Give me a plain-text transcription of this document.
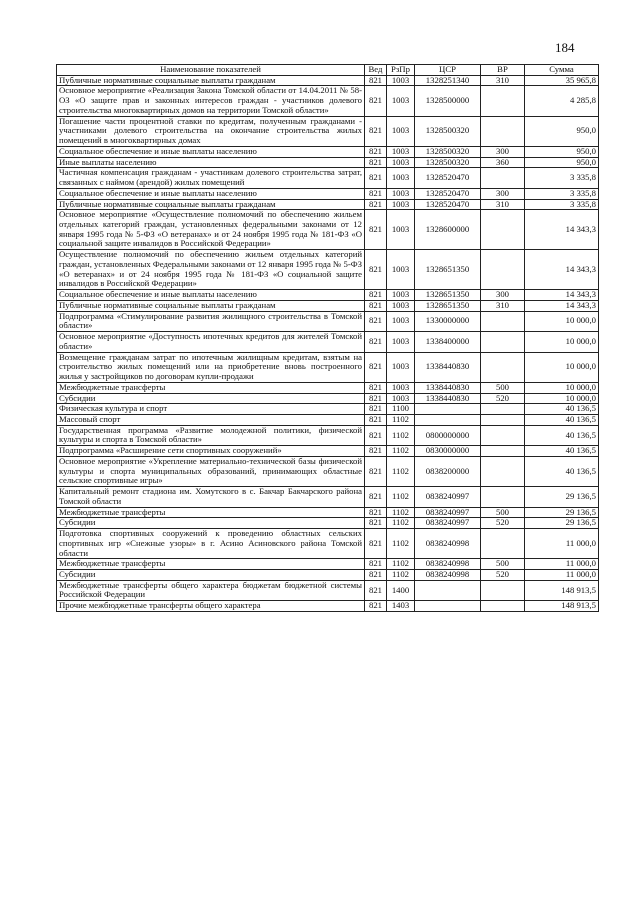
184
Наименование показателей	Вед	РзПр	ЦСР	ВР	Сумма
Публичные нормативные социальные выплаты гражданам	821	1003	1328251340	310	35 965,8
Основное мероприятие «Реализация Закона Томской области от 14.04.2011 № 58-ОЗ «О защите прав и законных интересов граждан - участников долевого строительства многоквартирных домов на территории Томской области»	821	1003	1328500000		4 285,8
Погашение части процентной ставки по кредитам, полученным гражданами - участниками долевого строительства на окончание строительства жилых помещений в многоквартирных домах	821	1003	1328500320		950,0
Социальное обеспечение и иные выплаты населению	821	1003	1328500320	300	950,0
Иные выплаты населению	821	1003	1328500320	360	950,0
Частичная компенсация гражданам - участникам долевого строительства затрат, связанных с наймом (арендой) жилых помещений	821	1003	1328520470		3 335,8
Социальное обеспечение и иные выплаты населению	821	1003	1328520470	300	3 335,8
Публичные нормативные социальные выплаты гражданам	821	1003	1328520470	310	3 335,8
Основное мероприятие «Осуществление полномочий по обеспечению жильем отдельных категорий граждан, установленных федеральными законами от 12 января 1995 года № 5-ФЗ «О ветеранах» и от 24 ноября 1995 года № 181-ФЗ «О социальной защите инвалидов в Российской Федерации»	821	1003	1328600000		14 343,3
Осуществление полномочий по обеспечению жильем отдельных категорий граждан, установленных Федеральными законами от 12 января 1995 года № 5-ФЗ «О ветеранах» и от 24 ноября 1995 года № 181-ФЗ «О социальной защите инвалидов в Российской Федерации»	821	1003	1328651350		14 343,3
Социальное обеспечение и иные выплаты населению	821	1003	1328651350	300	14 343,3
Публичные нормативные социальные выплаты гражданам	821	1003	1328651350	310	14 343,3
Подпрограмма «Стимулирование развития жилищного строительства в Томской области»	821	1003	1330000000		10 000,0
Основное мероприятие «Доступность ипотечных кредитов для жителей Томской области»	821	1003	1338400000		10 000,0
Возмещение гражданам затрат по ипотечным жилищным кредитам, взятым на строительство жилых помещений или на приобретение вновь построенного жилья у застройщиков по договорам купли-продажи	821	1003	1338440830		10 000,0
Межбюджетные трансферты	821	1003	1338440830	500	10 000,0
Субсидии	821	1003	1338440830	520	10 000,0
Физическая культура и спорт	821	1100			40 136,5
Массовый спорт	821	1102			40 136,5
Государственная программа «Развитие молодежной политики, физической культуры и спорта в Томской области»	821	1102	0800000000		40 136,5
Подпрограмма «Расширение сети спортивных сооружений»	821	1102	0830000000		40 136,5
Основное мероприятие «Укрепление материально-технической базы физической культуры и спорта муниципальных образований, принимающих областные сельские спортивные игры»	821	1102	0838200000		40 136,5
Капитальный ремонт стадиона им. Хомутского в с. Бакчар Бакчарского района Томской области	821	1102	0838240997		29 136,5
Межбюджетные трансферты	821	1102	0838240997	500	29 136,5
Субсидии	821	1102	0838240997	520	29 136,5
Подготовка спортивных сооружений к проведению областных сельских спортивных игр «Снежные узоры» в г. Асино Асиновского района Томской области	821	1102	0838240998		11 000,0
Межбюджетные трансферты	821	1102	0838240998	500	11 000,0
Субсидии	821	1102	0838240998	520	11 000,0
Межбюджетные трансферты общего характера бюджетам бюджетной системы Российской Федерации	821	1400			148 913,5
Прочие межбюджетные трансферты общего характера	821	1403			148 913,5
